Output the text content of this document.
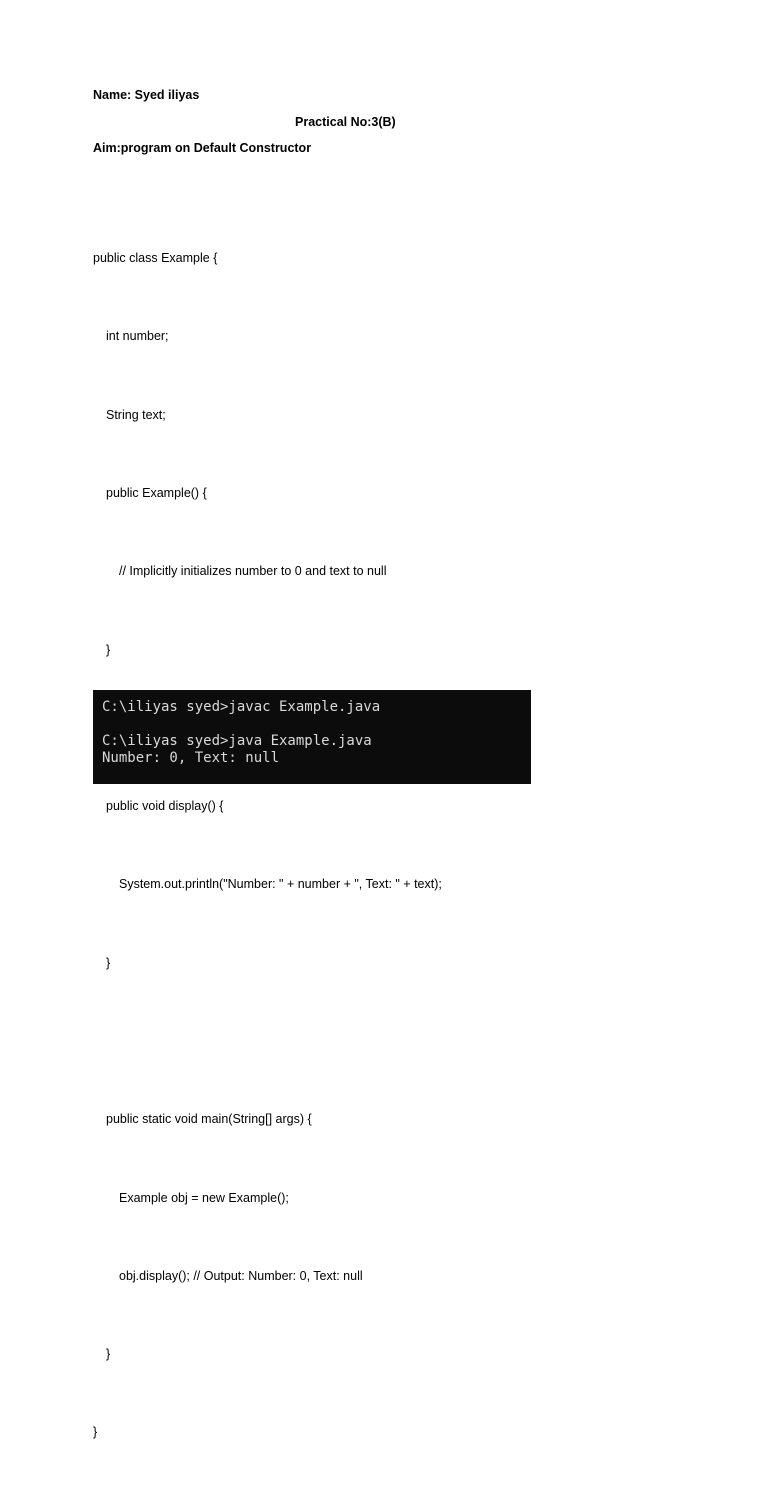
Name: Syed iliyas
Practical No:3(B)
Aim:program on Default Constructor

public class Example {

int number;

String text;

public Example() {

// Implicitly initializes number to 0 and text to null

}

public void display() {

System.out.println("Number: " + number + ", Text: " + text);

}

public static void main(String[] args) {

Example obj = new Example();

obj.display(); // Output: Number: 0, Text: null

}

}

C:\iliyas syed>javac Example.java
C:\iliyas syed>java Example.java
Number: 0, Text: null
